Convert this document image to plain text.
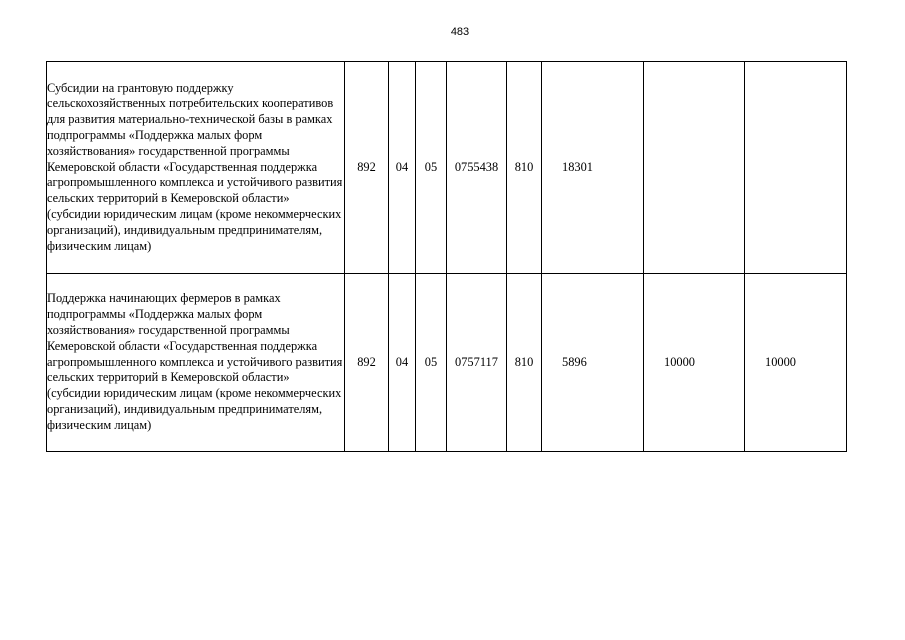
483
Субсидии на грантовую поддержку сельскохозяйственных потребительских кооперативов для развития материально-технической базы в рамках подпрограммы «Поддержка малых форм хозяйствования» государственной программы Кемеровской области «Государственная поддержка агропромышленного комплекса и устойчивого развития сельских территорий в Кемеровской области» (субсидии юридическим лицам (кроме некоммерческих организаций), индивидуальным предпринимателям, физическим лицам)	892	04	05	0755438	810	18301		
Поддержка начинающих фермеров в рамках подпрограммы «Поддержка малых форм хозяйствования» государственной программы Кемеровской области «Государственная поддержка агропромышленного комплекса и устойчивого развития сельских территорий в Кемеровской области» (субсидии юридическим лицам (кроме некоммерческих организаций), индивидуальным предпринимателям, физическим лицам)	892	04	05	0757117	810	5896	10000	10000
